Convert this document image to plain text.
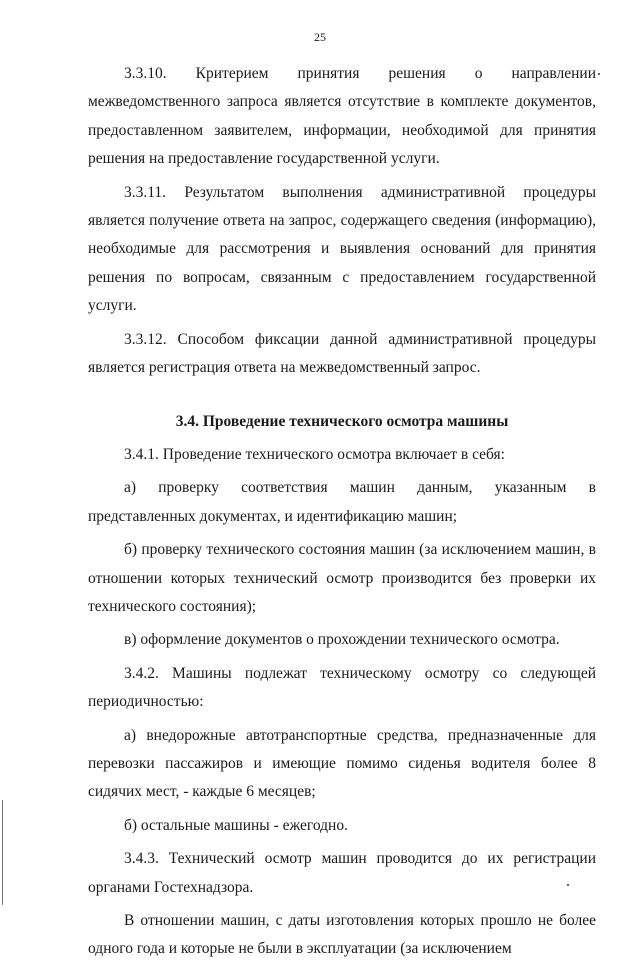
25

3.3.10. Критерием принятия решения о направлении межведомственного запроса является отсутствие в комплекте документов, предоставленном заявителем, информации, необходимой для принятия решения на предоставление государственной услуги.

3.3.11. Результатом выполнения административной процедуры является получение ответа на запрос, содержащего сведения (информацию), необходимые для рассмотрения и выявления оснований для принятия решения по вопросам, связанным с предоставлением государственной услуги.

3.3.12. Способом фиксации данной административной процедуры является регистрация ответа на межведомственный запрос.

3.4. Проведение технического осмотра машины

3.4.1. Проведение технического осмотра включает в себя:

а) проверку соответствия машин данным, указанным в представленных документах, и идентификацию машин;

б) проверку технического состояния машин (за исключением машин, в отношении которых технический осмотр производится без проверки их технического состояния);

в) оформление документов о прохождении технического осмотра.

3.4.2. Машины подлежат техническому осмотру со следующей периодичностью:

а) внедорожные автотранспортные средства, предназначенные для перевозки пассажиров и имеющие помимо сиденья водителя более 8 сидячих мест, - каждые 6 месяцев;

б) остальные машины - ежегодно.

3.4.3. Технический осмотр машин проводится до их регистрации органами Гостехнадзора.

В отношении машин, с даты изготовления которых прошло не более одного года и которые не были в эксплуатации (за исключением
